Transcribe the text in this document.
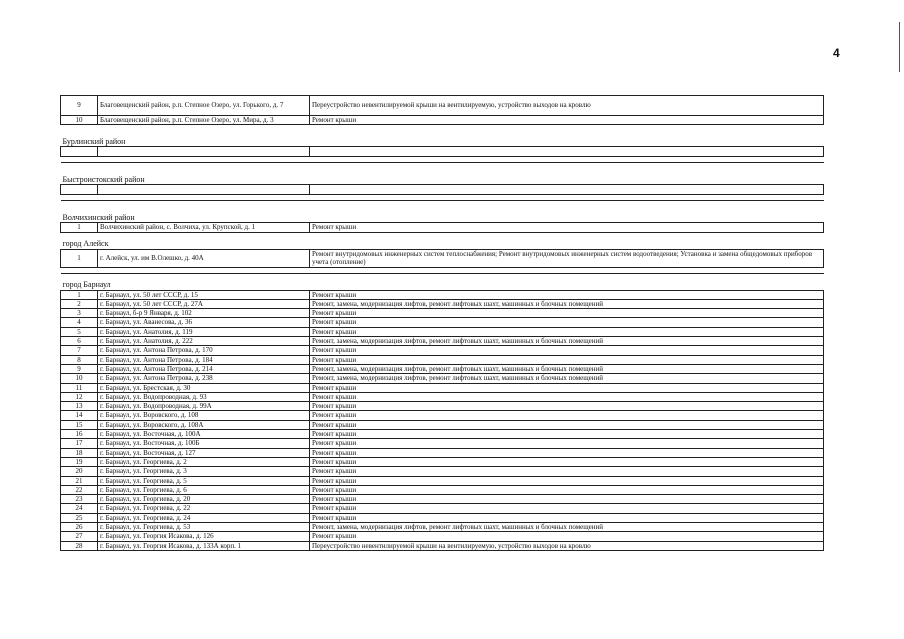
4
9	Благовещенский район, р.п. Степное Озеро, ул. Горького, д. 7	Переустройство невентилируемой крыши на вентилируемую, устройство выходов на кровлю
10	Благовещенский район, р.п. Степное Озеро, ул. Мира, д. 3	Ремонт крыши
Бурлинский район		

Быстроистокский район		

Волчихинский район		
1	Волчихинский район, с. Волчиха, ул. Крупской, д. 1	Ремонт крыши
город Алейск		
1	г. Алейск, ул. им В.Олешко, д. 40А	Ремонт внутридомовых инженерных систем теплоснабжения; Ремонт внутридомовых инженерных систем водоотведения; Установка и замена общедомовых приборов учета (отопление)

город Барнаул		
1	г. Барнаул, ул. 50 лет СССР, д. 15	Ремонт крыши
2	г. Барнаул, ул. 50 лет СССР, д. 27А	Ремонт, замена, модернизация лифтов, ремонт лифтовых шахт, машинных и блочных помещений
3	г. Барнаул, б-р 9 Января, д. 102	Ремонт крыши
4	г. Барнаул, ул. Аванесова, д. 36	Ремонт крыши
5	г. Барнаул, ул. Анатолия, д. 119	Ремонт крыши
6	г. Барнаул, ул. Анатолия, д. 222	Ремонт, замена, модернизация лифтов, ремонт лифтовых шахт, машинных и блочных помещений
7	г. Барнаул, ул. Антона Петрова, д. 170	Ремонт крыши
8	г. Барнаул, ул. Антона Петрова, д. 184	Ремонт крыши
9	г. Барнаул, ул. Антона Петрова, д. 214	Ремонт, замена, модернизация лифтов, ремонт лифтовых шахт, машинных и блочных помещений
10	г. Барнаул, ул. Антона Петрова, д. 238	Ремонт, замена, модернизация лифтов, ремонт лифтовых шахт, машинных и блочных помещений
11	г. Барнаул, ул. Брестская, д. 30	Ремонт крыши
12	г. Барнаул, ул. Водопроводная, д. 93	Ремонт крыши
13	г. Барнаул, ул. Водопроводная, д. 99А	Ремонт крыши
14	г. Барнаул, ул. Воровского, д. 108	Ремонт крыши
15	г. Барнаул, ул. Воровского, д. 108А	Ремонт крыши
16	г. Барнаул, ул. Восточная, д. 100А	Ремонт крыши
17	г. Барнаул, ул. Восточная, д. 100Б	Ремонт крыши
18	г. Барнаул, ул. Восточная, д. 127	Ремонт крыши
19	г. Барнаул, ул. Георгиева, д. 2	Ремонт крыши
20	г. Барнаул, ул. Георгиева, д. 3	Ремонт крыши
21	г. Барнаул, ул. Георгиева, д. 5	Ремонт крыши
22	г. Барнаул, ул. Георгиева, д. 6	Ремонт крыши
23	г. Барнаул, ул. Георгиева, д. 20	Ремонт крыши
24	г. Барнаул, ул. Георгиева, д. 22	Ремонт крыши
25	г. Барнаул, ул. Георгиева, д. 24	Ремонт крыши
26	г. Барнаул, ул. Георгиева, д. 53	Ремонт, замена, модернизация лифтов, ремонт лифтовых шахт, машинных и блочных помещений
27	г. Барнаул, ул. Георгия Исакова, д. 126	Ремонт крыши
28	г. Барнаул, ул. Георгия Исакова, д. 133А корп. 1	Переустройство невентилируемой крыши на вентилируемую, устройство выходов на кровлю
